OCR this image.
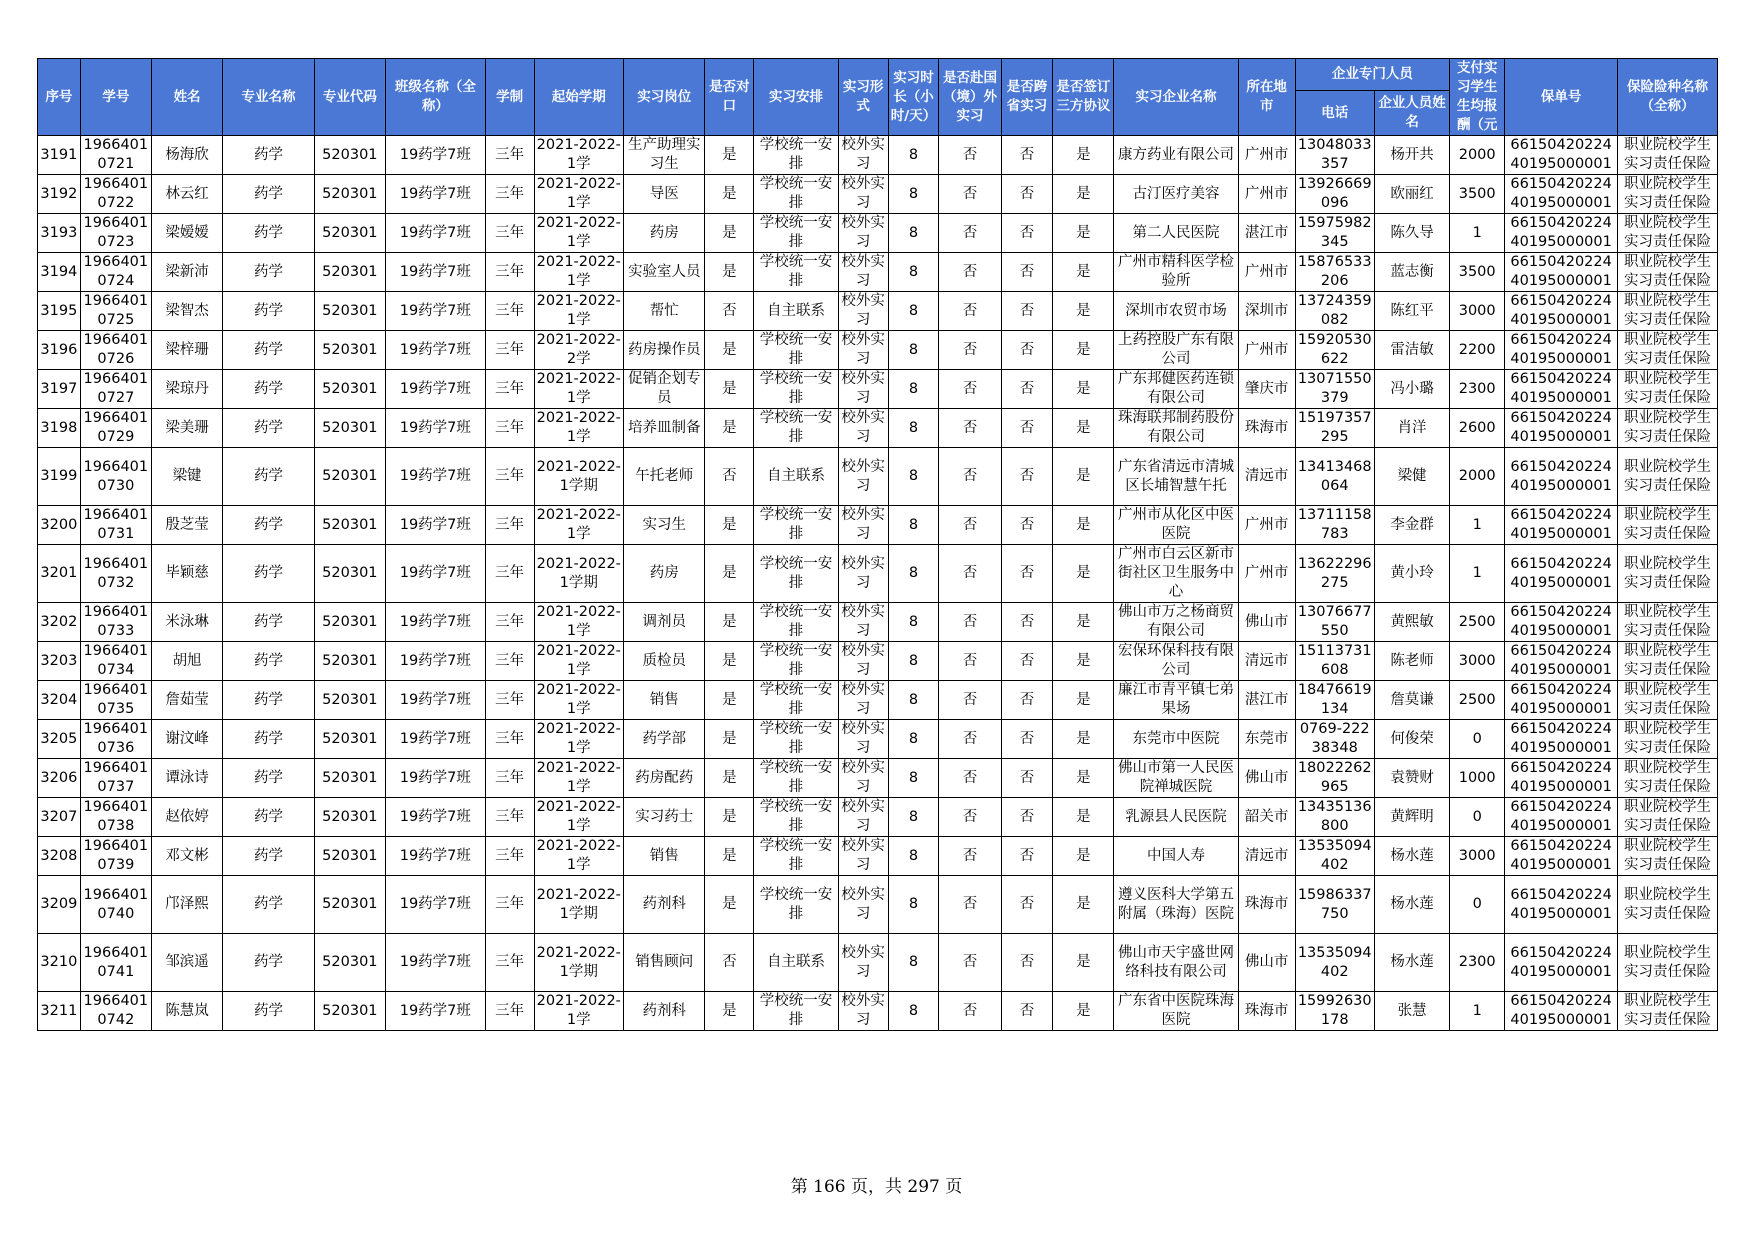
序号	学号	姓名	专业名称	专业代码	班级名称（全称）	学制	起始学期	实习岗位	是否对口	实习安排	实习形式	实习时长（小时/天）	是否赴国（境）外实习	是否跨省实习	是否签订三方协议	实习企业名称	所在地市	企业专门人员		支付实习学生生均报酬（元	保单号	保险险种名称（全称）
																		电话	企业人员姓名			
3191	19664010721	杨海欣	药学	520301	19药学7班	三年	2021-2022-1学	生产助理实习生	是	学校统一安排	校外实习	8	否	否	是	康方药业有限公司	广州市	13048033357	杨开共	2000	6615042022440195000001	职业院校学生实习责任保险
3192	19664010722	林云红	药学	520301	19药学7班	三年	2021-2022-1学	导医	是	学校统一安排	校外实习	8	否	否	是	古汀医疗美容	广州市	13926669096	欧丽红	3500	6615042022440195000001	职业院校学生实习责任保险
3193	19664010723	梁嫒嫒	药学	520301	19药学7班	三年	2021-2022-1学	药房	是	学校统一安排	校外实习	8	否	否	是	第二人民医院	湛江市	15975982345	陈久导	1	6615042022440195000001	职业院校学生实习责任保险
3194	19664010724	梁新沛	药学	520301	19药学7班	三年	2021-2022-1学	实验室人员	是	学校统一安排	校外实习	8	否	否	是	广州市精科医学检验所	广州市	15876533206	蓝志衡	3500	6615042022440195000001	职业院校学生实习责任保险
3195	19664010725	梁智杰	药学	520301	19药学7班	三年	2021-2022-1学	帮忙	否	自主联系	校外实习	8	否	否	是	深圳市农贸市场	深圳市	13724359082	陈红平	3000	6615042022440195000001	职业院校学生实习责任保险
3196	19664010726	梁梓珊	药学	520301	19药学7班	三年	2021-2022-2学	药房操作员	是	学校统一安排	校外实习	8	否	否	是	上药控股广东有限公司	广州市	15920530622	雷洁敏	2200	6615042022440195000001	职业院校学生实习责任保险
3197	19664010727	梁琼丹	药学	520301	19药学7班	三年	2021-2022-1学	促销企划专员	是	学校统一安排	校外实习	8	否	否	是	广东邦健医药连锁有限公司	肇庆市	13071550379	冯小璐	2300	6615042022440195000001	职业院校学生实习责任保险
3198	19664010729	梁美珊	药学	520301	19药学7班	三年	2021-2022-1学	培养皿制备	是	学校统一安排	校外实习	8	否	否	是	珠海联邦制药股份有限公司	珠海市	15197357295	肖洋	2600	6615042022440195000001	职业院校学生实习责任保险
3199	19664010730	梁键	药学	520301	19药学7班	三年	2021-2022-1学期	午托老师	否	自主联系	校外实习	8	否	否	是	广东省清远市清城区长埔智慧午托	清远市	13413468064	梁健	2000	6615042022440195000001	职业院校学生实习责任保险
3200	19664010731	殷芝莹	药学	520301	19药学7班	三年	2021-2022-1学	实习生	是	学校统一安排	校外实习	8	否	否	是	广州市从化区中医医院	广州市	13711158783	李金群	1	6615042022440195000001	职业院校学生实习责任保险
3201	19664010732	毕颖慈	药学	520301	19药学7班	三年	2021-2022-1学期	药房	是	学校统一安排	校外实习	8	否	否	是	广州市白云区新市街社区卫生服务中心	广州市	13622296275	黄小玲	1	6615042022440195000001	职业院校学生实习责任保险
3202	19664010733	米泳琳	药学	520301	19药学7班	三年	2021-2022-1学	调剂员	是	学校统一安排	校外实习	8	否	否	是	佛山市万之杨商贸有限公司	佛山市	13076677550	黄熙敏	2500	6615042022440195000001	职业院校学生实习责任保险
3203	19664010734	胡旭	药学	520301	19药学7班	三年	2021-2022-1学	质检员	是	学校统一安排	校外实习	8	否	否	是	宏保环保科技有限公司	清远市	15113731608	陈老师	3000	6615042022440195000001	职业院校学生实习责任保险
3204	19664010735	詹茹莹	药学	520301	19药学7班	三年	2021-2022-1学	销售	是	学校统一安排	校外实习	8	否	否	是	廉江市青平镇七弟果场	湛江市	18476619134	詹莫谦	2500	6615042022440195000001	职业院校学生实习责任保险
3205	19664010736	谢汶峰	药学	520301	19药学7班	三年	2021-2022-1学	药学部	是	学校统一安排	校外实习	8	否	否	是	东莞市中医院	东莞市	0769-22238348	何俊荣	0	6615042022440195000001	职业院校学生实习责任保险
3206	19664010737	谭泳诗	药学	520301	19药学7班	三年	2021-2022-1学	药房配药	是	学校统一安排	校外实习	8	否	否	是	佛山市第一人民医院禅城医院	佛山市	18022262965	袁赞财	1000	6615042022440195000001	职业院校学生实习责任保险
3207	19664010738	赵依婷	药学	520301	19药学7班	三年	2021-2022-1学	实习药士	是	学校统一安排	校外实习	8	否	否	是	乳源县人民医院	韶关市	13435136800	黄辉明	0	6615042022440195000001	职业院校学生实习责任保险
3208	19664010739	邓文彬	药学	520301	19药学7班	三年	2021-2022-1学	销售	是	学校统一安排	校外实习	8	否	否	是	中国人寿	清远市	13535094402	杨水莲	3000	6615042022440195000001	职业院校学生实习责任保险
3209	19664010740	邝泽熙	药学	520301	19药学7班	三年	2021-2022-1学期	药剂科	是	学校统一安排	校外实习	8	否	否	是	遵义医科大学第五附属（珠海）医院	珠海市	15986337750	杨水莲	0	6615042022440195000001	职业院校学生实习责任保险
3210	19664010741	邹滨遥	药学	520301	19药学7班	三年	2021-2022-1学期	销售顾问	否	自主联系	校外实习	8	否	否	是	佛山市天宇盛世网络科技有限公司	佛山市	13535094402	杨水莲	2300	6615042022440195000001	职业院校学生实习责任保险
3211	19664010742	陈慧岚	药学	520301	19药学7班	三年	2021-2022-1学	药剂科	是	学校统一安排	校外实习	8	否	否	是	广东省中医院珠海医院	珠海市	15992630178	张慧	1	6615042022440195000001	职业院校学生实习责任保险
第 166 页，共 297 页
